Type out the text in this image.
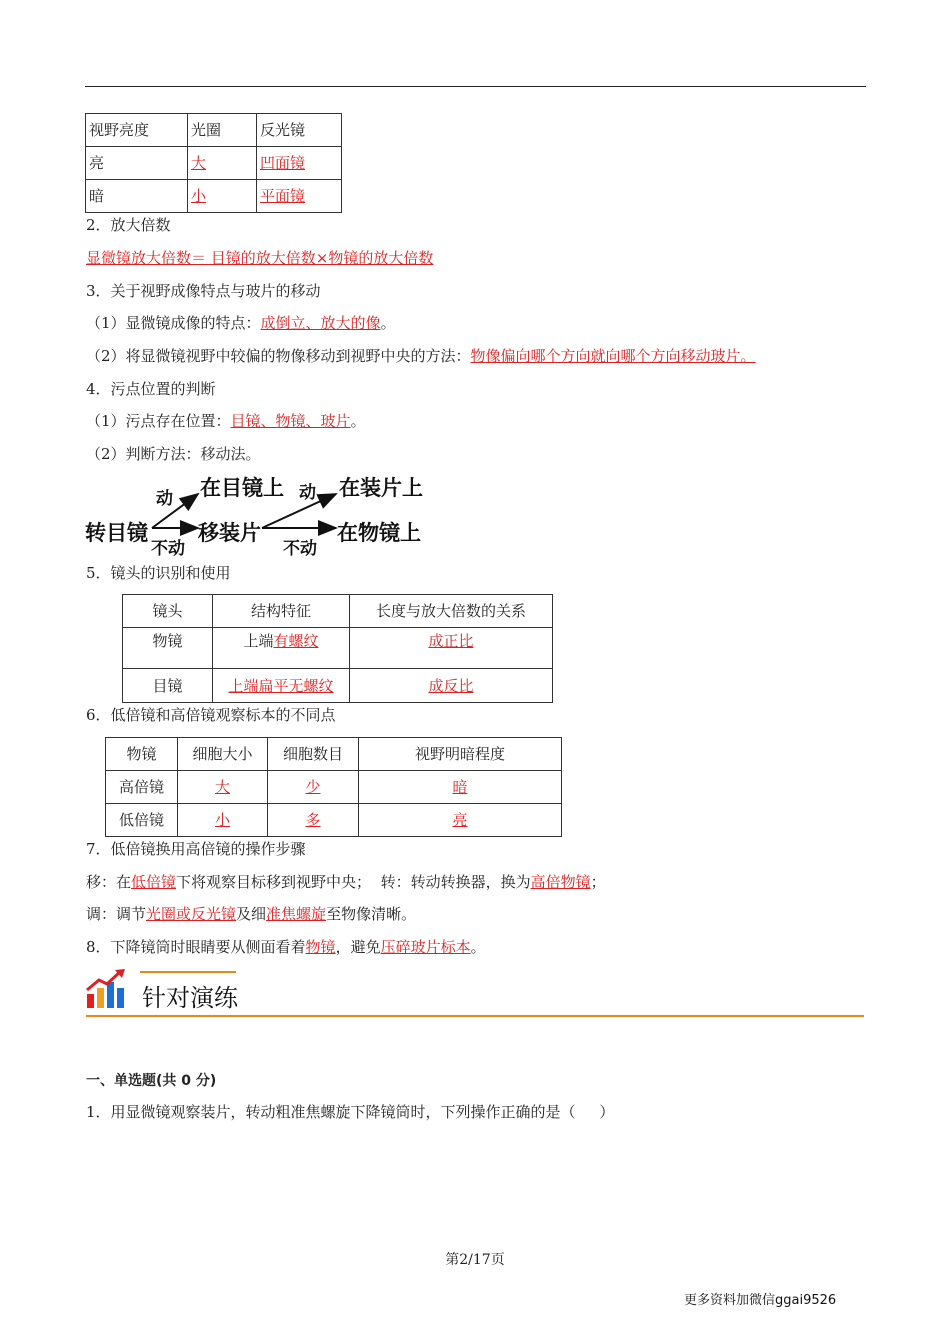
视野亮度	光圈	反光镜
亮	大	凹面镜
暗	小	平面镜
2．放大倍数
显微镜放大倍数＝ 目镜的放大倍数×物镜的放大倍数
3．关于视野成像特点与玻片的移动
（1）显微镜成像的特点：成倒立、放大的像。
（2）将显微镜视野中较偏的物像移动到视野中央的方法：物像偏向哪个方向就向哪个方向移动玻片。
4．污点位置的判断
（1）污点存在位置：目镜、物镜、玻片。
（2）判断方法：移动法。
转目镜
动
不动
在目镜上
移装片
动
不动
在装片上
在物镜上
5．镜头的识别和使用
镜头	结构特征	长度与放大倍数的关系
物镜	上端有螺纹	成正比
目镜	上端扁平无螺纹	成反比
6．低倍镜和高倍镜观察标本的不同点
物镜	细胞大小	细胞数目	视野明暗程度
高倍镜	大	少	暗
低倍镜	小	多	亮
7．低倍镜换用高倍镜的操作步骤
移：在低倍镜下将观察目标移到视野中央；  转：转动转换器，换为高倍物镜；
调：调节光圈或反光镜及细准焦螺旋至物像清晰。
8．下降镜筒时眼睛要从侧面看着物镜，避免压碎玻片标本。
针对演练
一、单选题(共 0 分)
1．用显微镜观察装片，转动粗准焦螺旋下降镜筒时，下列操作正确的是（     ）
第2/17页
更多资料加微信ggai9526
